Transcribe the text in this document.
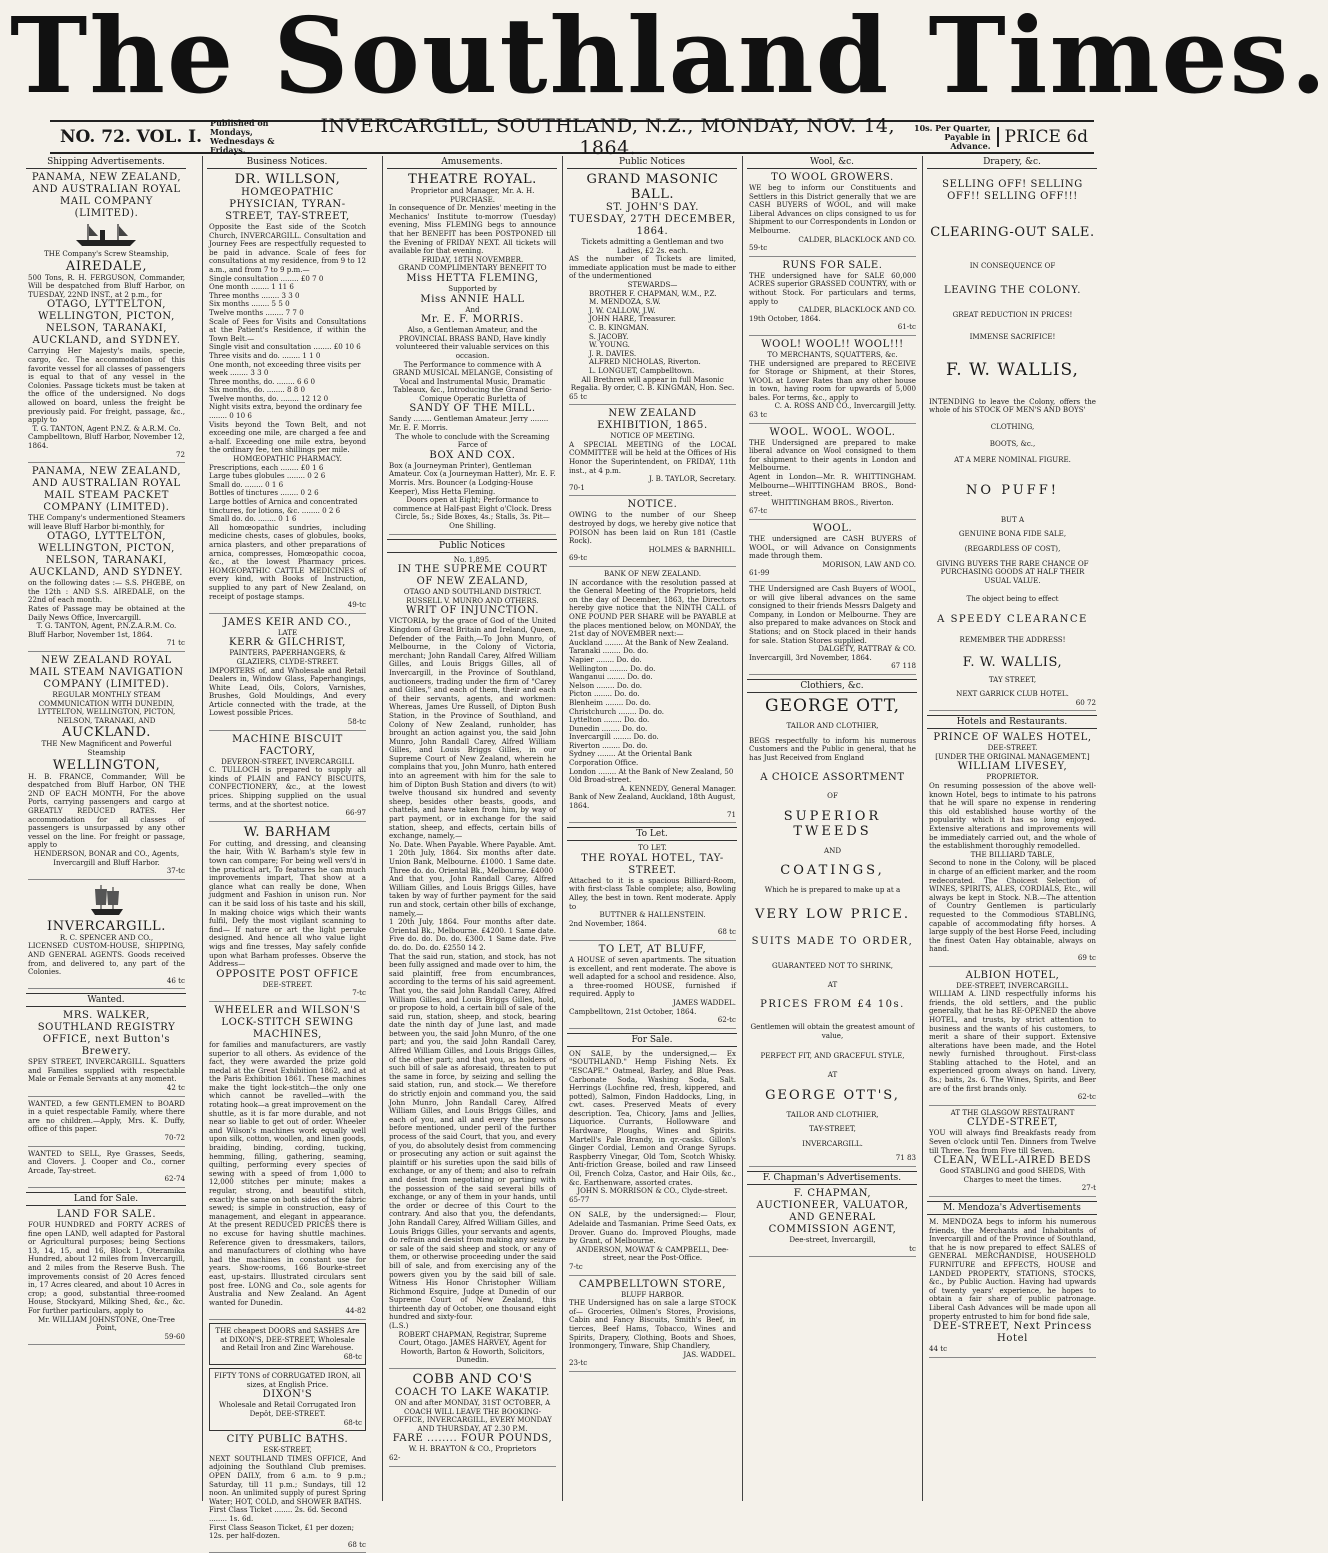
The Southland Times.
NO. 72. VOL. I.
Published on Mondays, Wednesdays & Fridays.
INVERCARGILL, SOUTHLAND, N.Z., MONDAY, NOV. 14, 1864.
10s. Per Quarter, Payable in Advance. PRICE 6d
Shipping Advertisements.
PANAMA, NEW ZEALAND, AND AUSTRALIAN ROYAL MAIL COMPANY (LIMITED).
THE Company's Screw Steamship,
AIREDALE,
500 Tons, R. H. FERGUSON, Commander, Will be despatched from Bluff Harbor, on TUESDAY, 22ND INST., at 2 p.m., for
OTAGO, LYTTELTON, WELLINGTON, PICTON, NELSON, TARANAKI, AUCKLAND, and SYDNEY.
Carrying Her Majesty's mails, specie, cargo, &c. The accommodation of this favorite vessel for all classes of passengers is equal to that of any vessel in the Colonies. Passage tickets must be taken at the office of the undersigned. No dogs allowed on board, unless the freight be previously paid. For freight, passage, &c., apply to
T. G. TANTON, Agent P.N.Z. & A.R.M. Co.
Campbelltown, Bluff Harbor, November 12, 1864.
72
PANAMA, NEW ZEALAND, AND AUSTRALIAN ROYAL MAIL STEAM PACKET COMPANY (LIMITED).
THE Company's undermentioned Steamers will leave Bluff Harbor bi-monthly, for
OTAGO, LYTTELTON, WELLINGTON, PICTON, NELSON, TARANAKI, AUCKLAND, AND SYDNEY.
on the following dates :— S.S. PHŒBE, on the 12th : AND S.S. AIREDALE, on the 22nd of each month.
Rates of Passage may be obtained at the Daily News Office, Invercargill.
T. G. TANTON, Agent, P.N.Z.A.R.M. Co.
Bluff Harbor, November 1st, 1864.
71 tc
NEW ZEALAND ROYAL MAIL STEAM NAVIGATION COMPANY (LIMITED).
REGULAR MONTHLY STEAM COMMUNICATION WITH DUNEDIN, LYTTELTON, WELLINGTON, PICTON, NELSON, TARANAKI, AND
AUCKLAND.
THE New Magnificent and Powerful Steamship
WELLINGTON,
H. B. FRANCE, Commander, Will be despatched from Bluff Harbor, ON THE 2ND OF EACH MONTH, For the above Ports, carrying passengers and cargo at GREATLY REDUCED RATES. Her accommodation for all classes of passengers is unsurpassed by any other vessel on the line. For freight or passage, apply to
HENDERSON, BONAR and CO., Agents, Invercargill and Bluff Harbor.
37-tc
INVERCARGILL.
R. C. SPENCER AND CO.,
LICENSED CUSTOM-HOUSE, SHIPPING, AND GENERAL AGENTS. Goods received from, and delivered to, any part of the Colonies.
46 tc
Wanted.
MRS. WALKER,
SOUTHLAND REGISTRY OFFICE, next Button's Brewery.
SPEY STREET, INVERCARGILL. Squatters and Families supplied with respectable Male or Female Servants at any moment.
42 tc
WANTED, a few GENTLEMEN to BOARD in a quiet respectable Family, where there are no children.—Apply, Mrs. K. Duffy, office of this paper.
70-72
WANTED to SELL, Rye Grasses, Seeds, and Clovers. J. Cooper and Co., corner Arcade, Tay-street.
62-74
Land for Sale.
LAND FOR SALE.
FOUR HUNDRED and FORTY ACRES of fine open LAND, well adapted for Pastoral or Agricultural purposes; being Sections 13, 14, 15, and 16, Block 1, Oteramika Hundred, about 12 miles from Invercargill, and 2 miles from the Reserve Bush. The improvements consist of 20 Acres fenced in, 17 Acres cleared, and about 10 Acres in crop; a good, substantial three-roomed House, Stockyard, Milking Shed, &c., &c. For further particulars, apply to
Mr. WILLIAM JOHNSTONE, One-Tree Point,
59-60
Business Notices.
DR. WILLSON,
HOMŒOPATHIC PHYSICIAN, TYRAN-STREET, TAY-STREET,
Opposite the East side of the Scotch Church, INVERCARGILL. Consultation and Journey Fees are respectfully requested to be paid in advance. Scale of fees for consultations at my residence, from 9 to 12 a.m., and from 7 to 9 p.m.—
Single consultation ........ £0 7 0
One month ........ 1 11 6
Three months ........ 3 3 0
Six months ........ 5 5 0
Twelve months ........ 7 7 0
Scale of Fees for Visits and Consultations at the Patient's Residence, if within the Town Belt.—
Single visit and consultation ........ £0 10 6
Three visits and do. ........ 1 1 0
One month, not exceeding three visits per week ........ 3 3 0
Three months, do. ........ 6 6 0
Six months, do. ........ 8 8 0
Twelve months, do. ........ 12 12 0
Night visits extra, beyond the ordinary fee ........ 0 10 6
Visits beyond the Town Belt, and not exceeding one mile, are charged a fee and a-half. Exceeding one mile extra, beyond the ordinary fee, ten shillings per mile.
HOMŒOPATHIC PHARMACY.
Prescriptions, each ........ £0 1 6
Large tubes globules ........ 0 2 6
Small do. ........ 0 1 6
Bottles of tinctures ........ 0 2 6
Large bottles of Arnica and concentrated tinctures, for lotions, &c. ........ 0 2 6
Small do. do. ........ 0 1 6
All homœopathic sundries, including medicine chests, cases of globules, books, arnica plasters, and other preparations of arnica, compresses, Homœopathic cocoa, &c., at the lowest Pharmacy prices. HOMŒOPATHIC CATTLE MEDICINES of every kind, with Books of Instruction, supplied to any part of New Zealand, on receipt of postage stamps.
49-tc
JAMES KEIR AND CO.,
LATE
KERR & GILCHRIST,
PAINTERS, PAPERHANGERS, & GLAZIERS, CLYDE-STREET.
IMPORTERS of, and Wholesale and Retail Dealers in, Window Glass, Paperhangings, White Lead, Oils, Colors, Varnishes, Brushes, Gold Mouldings, And every Article connected with the trade, at the Lowest possible Prices.
58-tc
MACHINE BISCUIT FACTORY,
DEVERON-STREET, INVERCARGILL
C. TULLOCH is prepared to supply all kinds of PLAIN and FANCY BISCUITS, CONFECTIONERY, &c., at the lowest prices. Shipping supplied on the usual terms, and at the shortest notice.
66-97
W. BARHAM
For cutting, and dressing, and cleansing the hair, With W. Barham's style few in town can compare; For being well vers'd in the practical art, To features he can much improvements impart, That show at a glance what can really be done, When judgment and Fashion in unison run. Nor can it be said loss of his taste and his skill, In making choice wigs which their wants fulfil, Defy the most vigilant scanning to find— If nature or art the light peruke designed. And hence all who value light wigs and fine tresses, May safely confide upon what Barham professes. Observe the Address—
OPPOSITE POST OFFICE
DEE-STREET.
7-tc
WHEELER and WILSON'S LOCK-STITCH SEWING MACHINES,
for families and manufacturers, are vastly superior to all others. As evidence of the fact, they were awarded the prize gold medal at the Great Exhibition 1862, and at the Paris Exhibition 1861. These machines make the tight lock-stitch—the only one which cannot be ravelled—with the rotating hook—a great improvement on the shuttle, as it is far more durable, and not near so liable to get out of order. Wheeler and Wilson's machines work equally well upon silk, cotton, woollen, and linen goods, braiding, binding, cording, tucking, hemming, filling, gathering, seaming, quilting, performing every species of sewing with a speed of from 1,000 to 12,000 stitches per minute; makes a regular, strong, and beautiful stitch, exactly the same on both sides of the fabric sewed; is simple in construction, easy of management, and elegant in appearance. At the present REDUCED PRICES there is no excuse for having shuttle machines. Reference given to dressmakers, tailors, and manufacturers of clothing who have had the machines in constant use for years. Show-rooms, 166 Bourke-street east, up-stairs. Illustrated circulars sent post free. LONG and Co., sole agents for Australia and New Zealand. An Agent wanted for Dunedin.
44-82
THE cheapest DOORS and SASHES Are at DIXON'S, DEE-STREET, Wholesale and Retail Iron and Zinc Warehouse.
68-tc
FIFTY TONS of CORRUGATED IRON, all sizes, at English Price.
DIXON'S
Wholesale and Retail Corrugated Iron Depôt, DEE-STREET.
68-tc
CITY PUBLIC BATHS.
ESK-STREET,
NEXT SOUTHLAND TIMES OFFICE, And adjoining the Southland Club premises. OPEN DAILY, from 6 a.m. to 9 p.m.; Saturday, till 11 p.m.; Sundays, till 12 noon. An unlimited supply of purest Spring Water; HOT, COLD, and SHOWER BATHS.
First Class Ticket ........ 2s. 6d. Second ........ 1s. 6d.
First Class Season Ticket, £1 per dozen; 12s. per half-dozen.
68 tc
Amusements.
THEATRE ROYAL.
Proprietor and Manager, Mr. A. H. PURCHASE.
In consequence of Dr. Menzies' meeting in the Mechanics' Institute to-morrow (Tuesday) evening, Miss FLEMING begs to announce that her BENEFIT has been POSTPONED till the Evening of FRIDAY NEXT. All tickets will available for that evening.
FRIDAY, 18TH NOVEMBER.
GRAND COMPLIMENTARY BENEFIT TO
Miss HETTA FLEMING,
Supported by
Miss ANNIE HALL
And
Mr. E. F. MORRIS.
Also, a Gentleman Amateur, and the PROVINCIAL BRASS BAND, Have kindly volunteered their valuable services on this occasion.
The Performance to commence with A GRAND MUSICAL MELANGE, Consisting of Vocal and Instrumental Music, Dramatic Tableaux, &c., Introducing the Grand Serio-Comique Operatic Burletta of
SANDY OF THE MILL.
Sandy ........ Gentleman Amateur. Jerry ........ Mr. E. F. Morris.
The whole to conclude with the Screaming Farce of
BOX AND COX.
Box (a Journeyman Printer), Gentleman Amateur. Cox (a Journeyman Hatter), Mr. E. F. Morris. Mrs. Bouncer (a Lodging-House Keeper), Miss Hetta Fleming.
Doors open at Eight; Performance to commence at Half-past Eight o'Clock. Dress Circle, 5s.; Side Boxes, 4s.; Stalls, 3s. Pit—One Shilling.
Public Notices
No. 1,895.
IN THE SUPREME COURT OF NEW ZEALAND,
OTAGO AND SOUTHLAND DISTRICT.
RUSSELL V. MUNRO AND OTHERS.
WRIT OF INJUNCTION.
VICTORIA, by the grace of God of the United Kingdom of Great Britain and Ireland, Queen, Defender of the Faith,—To John Munro, of Melbourne, in the Colony of Victoria, merchant; John Randall Carey, Alfred William Gilles, and Louis Briggs Gilles, all of Invercargill, in the Province of Southland, auctioneers, trading under the firm of "Carey and Gilles," and each of them, their and each of their servants, agents, and workmen: Whereas, James Ure Russell, of Dipton Bush Station, in the Province of Southland, and Colony of New Zealand, runholder, has brought an action against you, the said John Munro, John Randall Carey, Alfred William Gilles, and Louis Briggs Gilles, in our Supreme Court of New Zealand, wherein he complains that you, John Munro, hath entered into an agreement with him for the sale to him of Dipton Bush Station and divers (to wit) twelve thousand six hundred and seventy sheep, besides other beasts, goods, and chattels, and have taken from him, by way of part payment, or in exchange for the said station, sheep, and effects, certain bills of exchange, namely,—
No. Date. When Payable. Where Payable. Amt. 1 20th July, 1864. Six months after date. Union Bank, Melbourne. £1000. 1 Same date. Three do. do. Oriental Bk., Melbourne. £4000
And that you, John Randall Carey, Alfred William Gilles, and Louis Briggs Gilles, have taken by way of further payment for the said run and stock, certain other bills of exchange, namely,—
1 20th July, 1864. Four months after date. Oriental Bk., Melbourne. £4200. 1 Same date. Five do. do. Do. do. £300. 1 Same date. Five do. do. Do. do. £2550 14 2.
That the said run, station, and stock, has not been fully assigned and made over to him, the said plaintiff, free from encumbrances, according to the terms of his said agreement. That you, the said John Randall Carey, Alfred William Gilles, and Louis Briggs Gilles, hold, or propose to hold, a certain bill of sale of the said run, station, sheep, and stock, bearing date the ninth day of June last, and made between you, the said John Munro, of the one part; and you, the said John Randall Carey, Alfred William Gilles, and Louis Briggs Gilles, of the other part; and that you, as holders of such bill of sale as aforesaid, threaten to put the same in force, by seizing and selling the said station, run, and stock.— We therefore do strictly enjoin and command you, the said John Munro, John Randall Carey, Alfred William Gilles, and Louis Briggs Gilles, and each of you, and all and every the persons before mentioned, under peril of the further process of the said Court, that you, and every of you, do absolutely desist from commencing or prosecuting any action or suit against the plaintiff or his sureties upon the said bills of exchange, or any of them; and also to refrain and desist from negotiating or parting with the possession of the said several bills of exchange, or any of them in your hands, until the order or decree of this Court to the contrary. And also that you, the defendants, John Randall Carey, Alfred William Gilles, and Louis Briggs Gilles, your servants and agents, do refrain and desist from making any seizure or sale of the said sheep and stock, or any of them, or otherwise proceeding under the said bill of sale, and from exercising any of the powers given you by the said bill of sale. Witness His Honor Christopher William Richmond Esquire, Judge at Dunedin of our Supreme Court of New Zealand, this thirteenth day of October, one thousand eight hundred and sixty-four.
(L.S.)
ROBERT CHAPMAN, Registrar, Supreme Court, Otago. JAMES HARVEY, Agent for Howorth, Barton & Howorth, Solicitors, Dunedin.
COBB AND CO'S
COACH TO LAKE WAKATIP.
ON and after MONDAY, 31ST OCTOBER, A COACH WILL LEAVE THE BOOKING-OFFICE, INVERCARGILL, EVERY MONDAY AND THURSDAY, AT 2.30 P.M.
FARE ........ FOUR POUNDS,
W. H. BRAYTON & CO., Proprietors
62-
Public Notices
GRAND MASONIC BALL.
ST. JOHN'S DAY.
TUESDAY, 27TH DECEMBER, 1864.
Tickets admitting a Gentleman and two Ladies, £2 2s. each.
AS the number of Tickets are limited, immediate application must be made to either of the undermentioned
STEWARDS—
BROTHER F. CHAPMAN, W.M., P.Z.
M. MENDOZA, S.W.
J. W. CALLOW, J.W.
JOHN HARE, Treasurer.
C. B. KINGMAN.
S. JACOBY.
W. YOUNG.
J. R. DAVIES.
ALFRED NICHOLAS, Riverton.
L. LONGUET, Campbelltown.
All Brethren will appear in full Masonic Regalia. By order, C. B. KINGMAN, Hon. Sec.
65 tc
NEW ZEALAND EXHIBITION, 1865.
NOTICE OF MEETING.
A SPECIAL MEETING of the LOCAL COMMITTEE will be held at the Offices of His Honor the Superintendent, on FRIDAY, 11th inst., at 4 p.m.
J. B. TAYLOR, Secretary.
70-1
NOTICE.
OWING to the number of our Sheep destroyed by dogs, we hereby give notice that POISON has been laid on Run 181 (Castle Rock).
HOLMES & BARNHILL.
69-tc
BANK OF NEW ZEALAND.
IN accordance with the resolution passed at the General Meeting of the Proprietors, held on the day of December, 1863, the Directors hereby give notice that the NINTH CALL of ONE POUND PER SHARE will be PAYABLE at the places mentioned below, on MONDAY, the 21st day of NOVEMBER next:—
Auckland ........ At the Bank of New Zealand.
Taranaki ........ Do. do.
Napier ........ Do. do.
Wellington ........ Do. do.
Wanganui ........ Do. do.
Nelson ........ Do. do.
Picton ........ Do. do.
Blenheim ........ Do. do.
Christchurch ........ Do. do.
Lyttelton ........ Do. do.
Dunedin ........ Do. do.
Invercargill ........ Do. do.
Riverton ........ Do. do.
Sydney ........ At the Oriental Bank Corporation Office.
London ........ At the Bank of New Zealand, 50 Old Broad-street.
A. KENNEDY, General Manager.
Bank of New Zealand, Auckland, 18th August, 1864.
71
To Let.
TO LET.
THE ROYAL HOTEL, TAY-STREET.
Attached to it is a spacious Billiard-Room, with first-class Table complete; also, Bowling Alley, the best in town. Rent moderate. Apply to
BUTTNER & HALLENSTEIN.
2nd November, 1864.
68 tc
TO LET, AT BLUFF,
A HOUSE of seven apartments. The situation is excellent, and rent moderate. The above is well adapted for a school and residence. Also, a three-roomed HOUSE, furnished if required. Apply to
JAMES WADDEL.
Campbelltown, 21st October, 1864.
62-tc
For Sale.
ON SALE, by the undersigned,— Ex "SOUTHLAND." Hemp Fishing Nets. Ex "ESCAPE." Oatmeal, Barley, and Blue Peas. Carbonate Soda, Washing Soda, Salt. Herrings (Lochfine red, fresh, kippered, and potted), Salmon, Findon Haddocks, Ling, in cwt. cases. Preserved Meats of every description. Tea, Chicory, Jams and Jellies, Liquorice. Currants, Hollowware and Hardware, Ploughs, Wines and Spirits. Martell's Pale Brandy, in qr.-casks. Gillon's Ginger Cordial, Lemon and Orange Syrups. Raspberry Vinegar, Old Tom, Scotch Whisky. Anti-friction Grease, boiled and raw Linseed Oil, French Colza, Castor, and Hair Oils, &c., &c. Earthenware, assorted crates.
JOHN S. MORRISON & CO., Clyde-street.
65-77
ON SALE, by the undersigned:— Flour, Adelaide and Tasmanian. Prime Seed Oats, ex Drover. Guano do. Improved Ploughs, made by Grant, of Melbourne.
ANDERSON, MOWAT & CAMPBELL, Dee-street, near the Post-Office.
7-tc
CAMPBELLTOWN STORE,
BLUFF HARBOR.
THE Undersigned has on sale a large STOCK of— Groceries, Oilmen's Stores, Provisions, Cabin and Fancy Biscuits, Smith's Beef, in tierces, Beef Hams, Tobacco, Wines and Spirits, Drapery, Clothing, Boots and Shoes, Ironmongery, Tinware, Ship Chandlery,
JAS. WADDEL.
23-tc
Wool, &c.
TO WOOL GROWERS.
WE beg to inform our Constituents and Settlers in this District generally that we are CASH BUYERS of WOOL, and will make Liberal Advances on clips consigned to us for Shipment to our Correspondents in London or Melbourne.
CALDER, BLACKLOCK AND CO.
59-tc
RUNS FOR SALE.
THE undersigned have for SALE 60,000 ACRES superior GRASSED COUNTRY, with or without Stock. For particulars and terms, apply to
CALDER, BLACKLOCK AND CO.
19th October, 1864.
61-tc
WOOL! WOOL!! WOOL!!!
TO MERCHANTS, SQUATTERS, &c.
THE undersigned are prepared to RECEIVE for Storage or Shipment, at their Stores, WOOL at Lower Rates than any other house in town, having room for upwards of 5,000 bales. For terms, &c., apply to
C. A. ROSS AND CO., Invercargill Jetty.
63 tc
WOOL. WOOL. WOOL.
THE Undersigned are prepared to make liberal advance on Wool consigned to them for shipment to their agents in London and Melbourne.
Agent in London—Mr. R. WHITTINGHAM. Melbourne—WHITTINGHAM BROS., Bond-street.
WHITTINGHAM BROS., Riverton.
67-tc
WOOL.
THE undersigned are CASH BUYERS of WOOL, or will Advance on Consignments made through them.
MORISON, LAW AND CO.
61-99
THE Undersigned are Cash Buyers of WOOL, or will give liberal advances on the same consigned to their friends Messrs Dalgety and Company, in London or Melbourne. They are also prepared to make advances on Stock and Stations; and on Stock placed in their hands for sale. Station Stores supplied.
DALGETY, RATTRAY & CO.
Invercargill, 3rd November, 1864.
67 118
Clothiers, &c.
GEORGE OTT,
TAILOR AND CLOTHIER,
BEGS respectfully to inform his numerous Customers and the Public in general, that he has Just Received from England
A CHOICE ASSORTMENT
OF
SUPERIOR TWEEDS
AND
COATINGS,
Which he is prepared to make up at a
VERY LOW PRICE.
SUITS MADE TO ORDER,
GUARANTEED NOT TO SHRINK,
AT
PRICES FROM £4 10s.
Gentlemen will obtain the greatest amount of value,
PERFECT FIT, AND GRACEFUL STYLE,
AT
GEORGE OTT'S,
TAILOR AND CLOTHIER,
TAY-STREET,
INVERCARGILL.
71 83
F. Chapman's Advertisements.
F. CHAPMAN,
AUCTIONEER, VALUATOR, AND GENERAL COMMISSION AGENT,
Dee-street, Invercargill,
tc
Drapery, &c.
SELLING OFF! SELLING OFF!! SELLING OFF!!!
CLEARING-OUT SALE.
IN CONSEQUENCE OF
LEAVING THE COLONY.
GREAT REDUCTION IN PRICES!
IMMENSE SACRIFICE!
F. W. WALLIS,
INTENDING to leave the Colony, offers the whole of his STOCK OF MEN'S AND BOYS'
CLOTHING,
BOOTS, &c.,
AT A MERE NOMINAL FIGURE.
NO PUFF!
BUT A
GENUINE BONA FIDE SALE,
(REGARDLESS OF COST),
GIVING BUYERS THE RARE CHANCE OF PURCHASING GOODS AT HALF THEIR USUAL VALUE.
The object being to effect
A SPEEDY CLEARANCE
REMEMBER THE ADDRESS!
F. W. WALLIS,
TAY STREET,
NEXT GARRICK CLUB HOTEL.
60 72
Hotels and Restaurants.
PRINCE OF WALES HOTEL,
DEE-STREET.
[UNDER THE ORIGINAL MANAGEMENT.]
WILLIAM LIVESEY,
PROPRIETOR.
On resuming possession of the above well-known Hotel, begs to intimate to his patrons that he will spare no expense in rendering this old established house worthy of the popularity which it has so long enjoyed. Extensive alterations and improvements will be immediately carried out, and the whole of the establishment thoroughly remodelled.
THE BILLIARD TABLE,
Second to none in the Colony, will be placed in charge of an efficient marker, and the room redecorated. The Choicest Selection of WINES, SPIRITS, ALES, CORDIALS, Etc., will always be kept in Stock. N.B.—The attention of Country Gentlemen is particularly requested to the Commodious STABLING, capable of accommodating fifty horses. A large supply of the best Horse Feed, including the finest Oaten Hay obtainable, always on hand.
69 tc
ALBION HOTEL,
DEE-STREET, INVERCARGILL.
WILLIAM A. LIND respectfully informs his friends, the old settlers, and the public generally, that he has RE-OPENED the above HOTEL, and trusts, by strict attention to business and the wants of his customers, to merit a share of their support. Extensive alterations have been made, and the Hotel newly furnished throughout. First-class Stabling attached to the Hotel, and an experienced groom always on hand. Livery, 8s.; baits, 2s. 6. The Wines, Spirits, and Beer are of the first brands only.
62-tc
AT THE GLASGOW RESTAURANT
CLYDE-STREET,
YOU will always find Breakfasts ready from Seven o'clock until Ten. Dinners from Twelve till Three. Tea from Five till Seven.
CLEAN, WELL-AIRED BEDS
Good STABLING and good SHEDS, With Charges to meet the times.
27-t
M. Mendoza's Advertisements
M. MENDOZA begs to inform his numerous friends, the Merchants and Inhabitants of Invercargill and of the Province of Southland, that he is now prepared to effect SALES of GENERAL MERCHANDISE, HOUSEHOLD FURNITURE and EFFECTS, HOUSE and LANDED PROPERTY, STATIONS, STOCKS, &c., by Public Auction. Having had upwards of twenty years' experience, he hopes to obtain a fair share of public patronage. Liberal Cash Advances will be made upon all property entrusted to him for bond fide sale,
DEE-STREET, Next Princess Hotel
44 tc
